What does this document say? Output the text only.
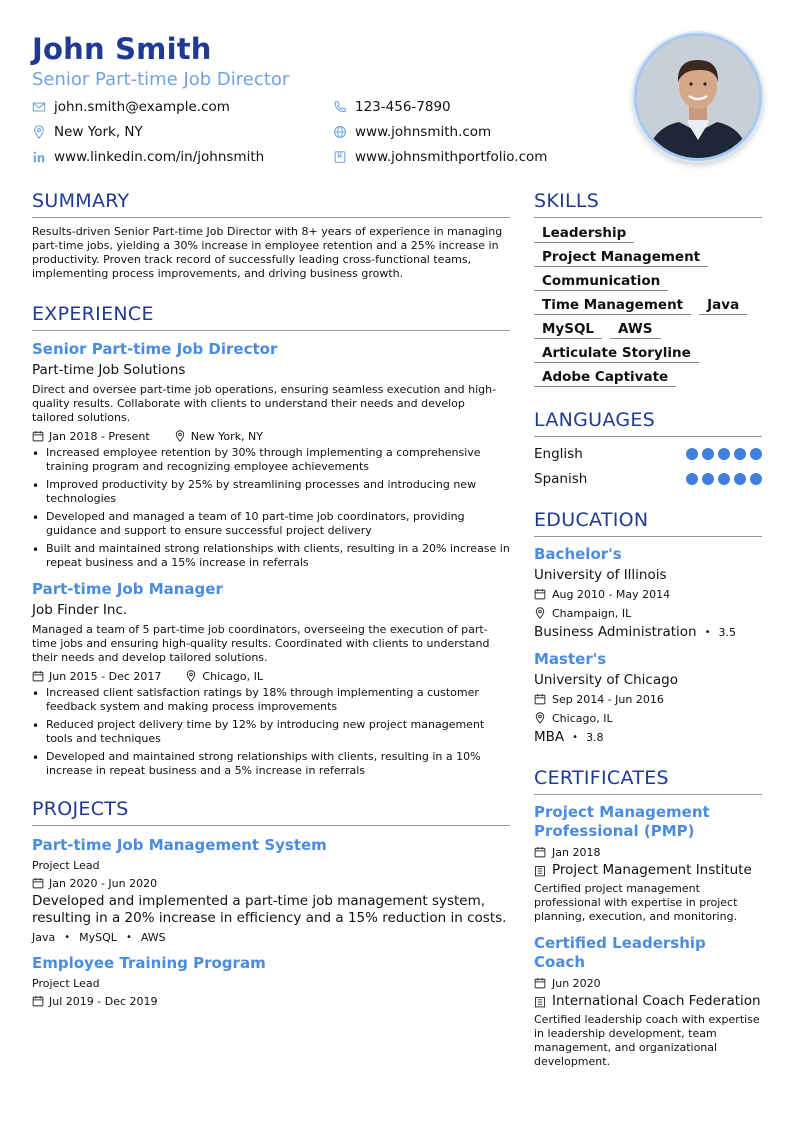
John Smith
Senior Part-time Job Director
john.smith@example.com	123-456-7890
New York, NY	www.johnsmith.com
www.linkedin.com/in/johnsmith	www.johnsmithportfolio.com
SUMMARY
Results-driven Senior Part-time Job Director with 8+ years of experience in managing part-time jobs, yielding a 30% increase in employee retention and a 25% increase in productivity. Proven track record of successfully leading cross-functional teams, implementing process improvements, and driving business growth.
EXPERIENCE
Senior Part-time Job Director
Part-time Job Solutions
Direct and oversee part-time job operations, ensuring seamless execution and high-quality results. Collaborate with clients to understand their needs and develop tailored solutions.
Jan 2018 - Present	New York, NY
• Increased employee retention by 30% through implementing a comprehensive training program and recognizing employee achievements
• Improved productivity by 25% by streamlining processes and introducing new technologies
• Developed and managed a team of 10 part-time job coordinators, providing guidance and support to ensure successful project delivery
• Built and maintained strong relationships with clients, resulting in a 20% increase in repeat business and a 15% increase in referrals
Part-time Job Manager
Job Finder Inc.
Managed a team of 5 part-time job coordinators, overseeing the execution of part-time jobs and ensuring high-quality results. Coordinated with clients to understand their needs and develop tailored solutions.
Jun 2015 - Dec 2017	Chicago, IL
• Increased client satisfaction ratings by 18% through implementing a customer feedback system and making process improvements
• Reduced project delivery time by 12% by introducing new project management tools and techniques
• Developed and maintained strong relationships with clients, resulting in a 10% increase in repeat business and a 5% increase in referrals
PROJECTS
Part-time Job Management System
Project Lead
Jan 2020 - Jun 2020
Developed and implemented a part-time job management system, resulting in a 20% increase in efficiency and a 15% reduction in costs.
Java • MySQL • AWS
Employee Training Program
Project Lead
Jul 2019 - Dec 2019
SKILLS
Leadership
Project Management
Communication
Time Management	Java
MySQL	AWS
Articulate Storyline
Adobe Captivate
LANGUAGES
English
Spanish
EDUCATION
Bachelor's
University of Illinois
Aug 2010 - May 2014
Champaign, IL
Business Administration • 3.5
Master's
University of Chicago
Sep 2014 - Jun 2016
Chicago, IL
MBA • 3.8
CERTIFICATES
Project Management Professional (PMP)
Jan 2018
Project Management Institute
Certified project management professional with expertise in project planning, execution, and monitoring.
Certified Leadership Coach
Jun 2020
International Coach Federation
Certified leadership coach with expertise in leadership development, team management, and organizational development.
